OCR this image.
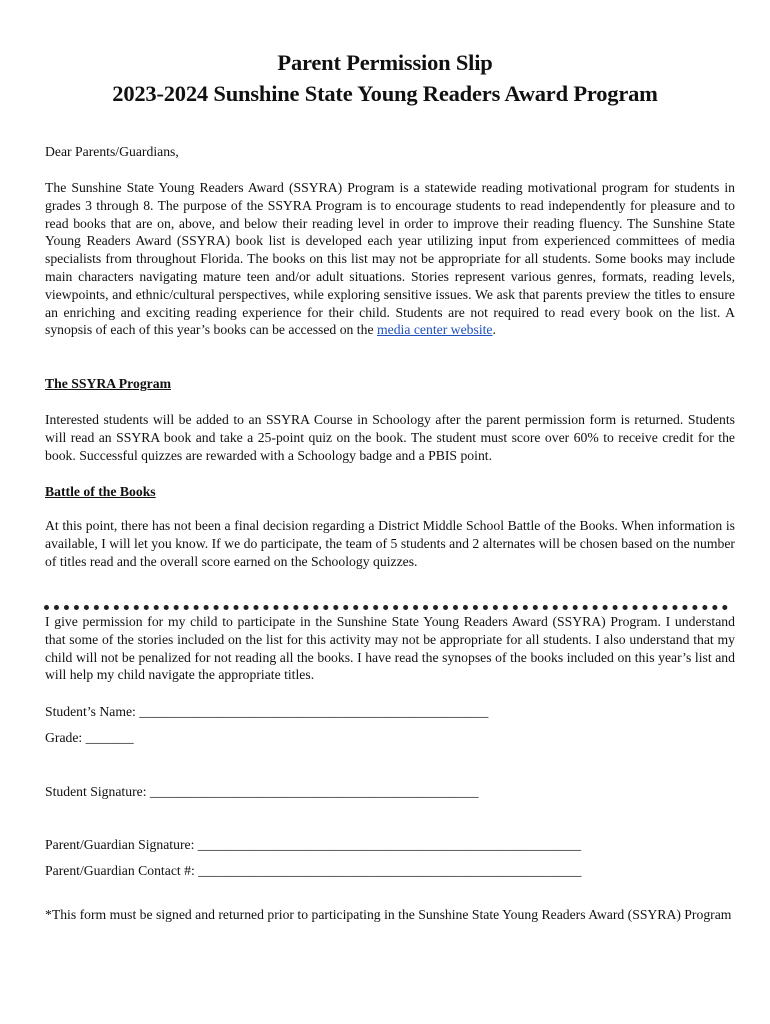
Parent Permission Slip
2023-2024 Sunshine State Young Readers Award Program
Dear Parents/Guardians,
The Sunshine State Young Readers Award (SSYRA) Program is a statewide reading motivational program for students in grades 3 through 8. The purpose of the SSYRA Program is to encourage students to read independently for pleasure and to read books that are on, above, and below their reading level in order to improve their reading fluency. The Sunshine State Young Readers Award (SSYRA) book list is developed each year utilizing input from experienced committees of media specialists from throughout Florida. The books on this list may not be appropriate for all students. Some books may include main characters navigating mature teen and/or adult situations. Stories represent various genres, formats, reading levels, viewpoints, and ethnic/cultural perspectives, while exploring sensitive issues. We ask that parents preview the titles to ensure an enriching and exciting reading experience for their child. Students are not required to read every book on the list. A synopsis of each of this year’s books can be accessed on the media center website.
The SSYRA Program
Interested students will be added to an SSYRA Course in Schoology after the parent permission form is returned. Students will read an SSYRA book and take a 25-point quiz on the book. The student must score over 60% to receive credit for the book. Successful quizzes are rewarded with a Schoology badge and a PBIS point.
Battle of the Books
At this point, there has not been a final decision regarding a District Middle School Battle of the Books. When information is available, I will let you know. If we do participate, the team of 5 students and 2 alternates will be chosen based on the number of titles read and the overall score earned on the Schoology quizzes.
I give permission for my child to participate in the Sunshine State Young Readers Award (SSYRA) Program. I understand that some of the stories included on the list for this activity may not be appropriate for all students. I also understand that my child will not be penalized for not reading all the books. I have read the synopses of the books included on this year’s list and will help my child navigate the appropriate titles.
Student’s Name: ___________________________________________________
Grade: _______
Student Signature: ________________________________________________
Parent/Guardian Signature: ________________________________________________________
Parent/Guardian Contact #: ________________________________________________________
*This form must be signed and returned prior to participating in the Sunshine State Young Readers Award (SSYRA) Program
